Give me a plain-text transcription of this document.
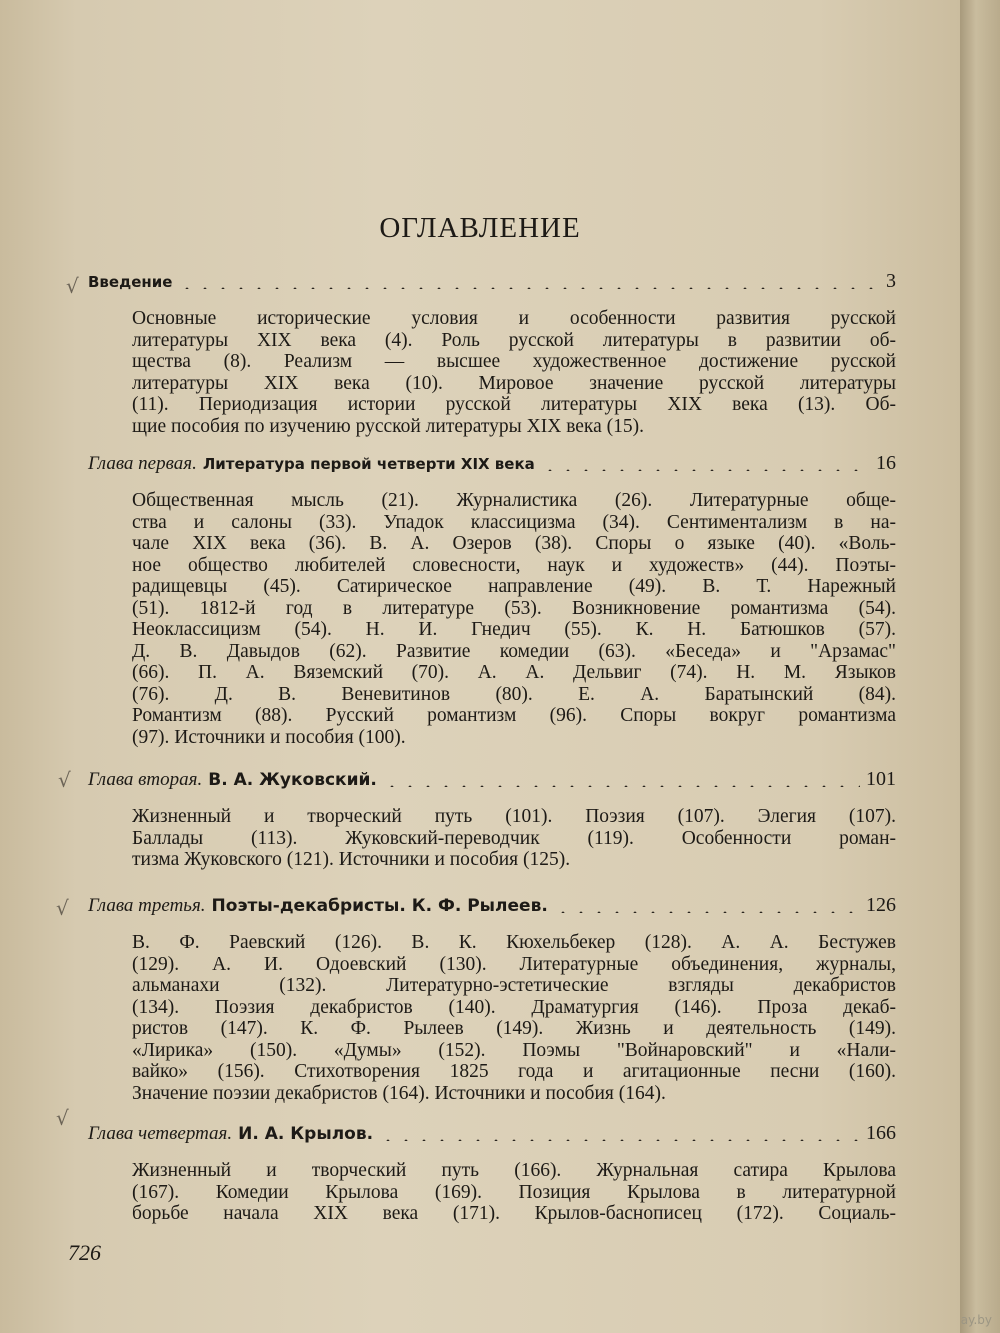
ОГЛАВЛЕНИЕ
√ Введение	3
Основные исторические условия и особенности развития русской
литературы XIX века (4). Роль русской литературы в развитии об-
щества (8). Реализм — высшее художественное достижение русской
литературы XIX века (10). Мировое значение русской литературы
(11). Периодизация истории русской литературы XIX века (13). Об-
щие пособия по изучению русской литературы XIX века (15).
Глава первая. Литература первой четверти XIX века	16
Общественная мысль (21). Журналистика (26). Литературные обще-
ства и салоны (33). Упадок классицизма (34). Сентиментализм в на-
чале XIX века (36). В. А. Озеров (38). Споры о языке (40). «Воль-
ное общество любителей словесности, наук и художеств» (44). Поэты-
радищевцы (45). Сатирическое направление (49). В. Т. Нарежный
(51). 1812-й год в литературе (53). Возникновение романтизма (54).
Неоклассицизм (54). Н. И. Гнедич (55). К. Н. Батюшков (57).
Д. В. Давыдов (62). Развитие комедии (63). «Беседа» и "Арзамас"
(66). П. А. Вяземский (70). А. А. Дельвиг (74). Н. М. Языков
(76). Д. В. Веневитинов (80). Е. А. Баратынский (84).
Романтизм (88). Русский романтизм (96). Споры вокруг романтизма
(97). Источники и пособия (100).
√ Глава вторая. В. А. Жуковский.	101
Жизненный и творческий путь (101). Поэзия (107). Элегия (107).
Баллады (113). Жуковский-переводчик (119). Особенности роман-
тизма Жуковского (121). Источники и пособия (125).
√ Глава третья. Поэты-декабристы. К. Ф. Рылеев.	126
В. Ф. Раевский (126). В. К. Кюхельбекер (128). А. А. Бестужев
(129). А. И. Одоевский (130). Литературные объединения, журналы,
альманахи (132). Литературно-эстетические взгляды декабристов
(134). Поэзия декабристов (140). Драматургия (146). Проза декаб-
ристов (147). К. Ф. Рылеев (149). Жизнь и деятельность (149).
«Лирика» (150). «Думы» (152). Поэмы "Войнаровский" и «Нали-
вайко» (156). Стихотворения 1825 года и агитационные песни (160).
Значение поэзии декабристов (164). Источники и пособия (164).
√
Глава четвертая. И. А. Крылов.	166
Жизненный и творческий путь (166). Журнальная сатира Крылова
(167). Комедии Крылова (169). Позиция Крылова в литературной
борьбе начала XIX века (171). Крылов-баснописец (172). Социаль-
726
ay.by
